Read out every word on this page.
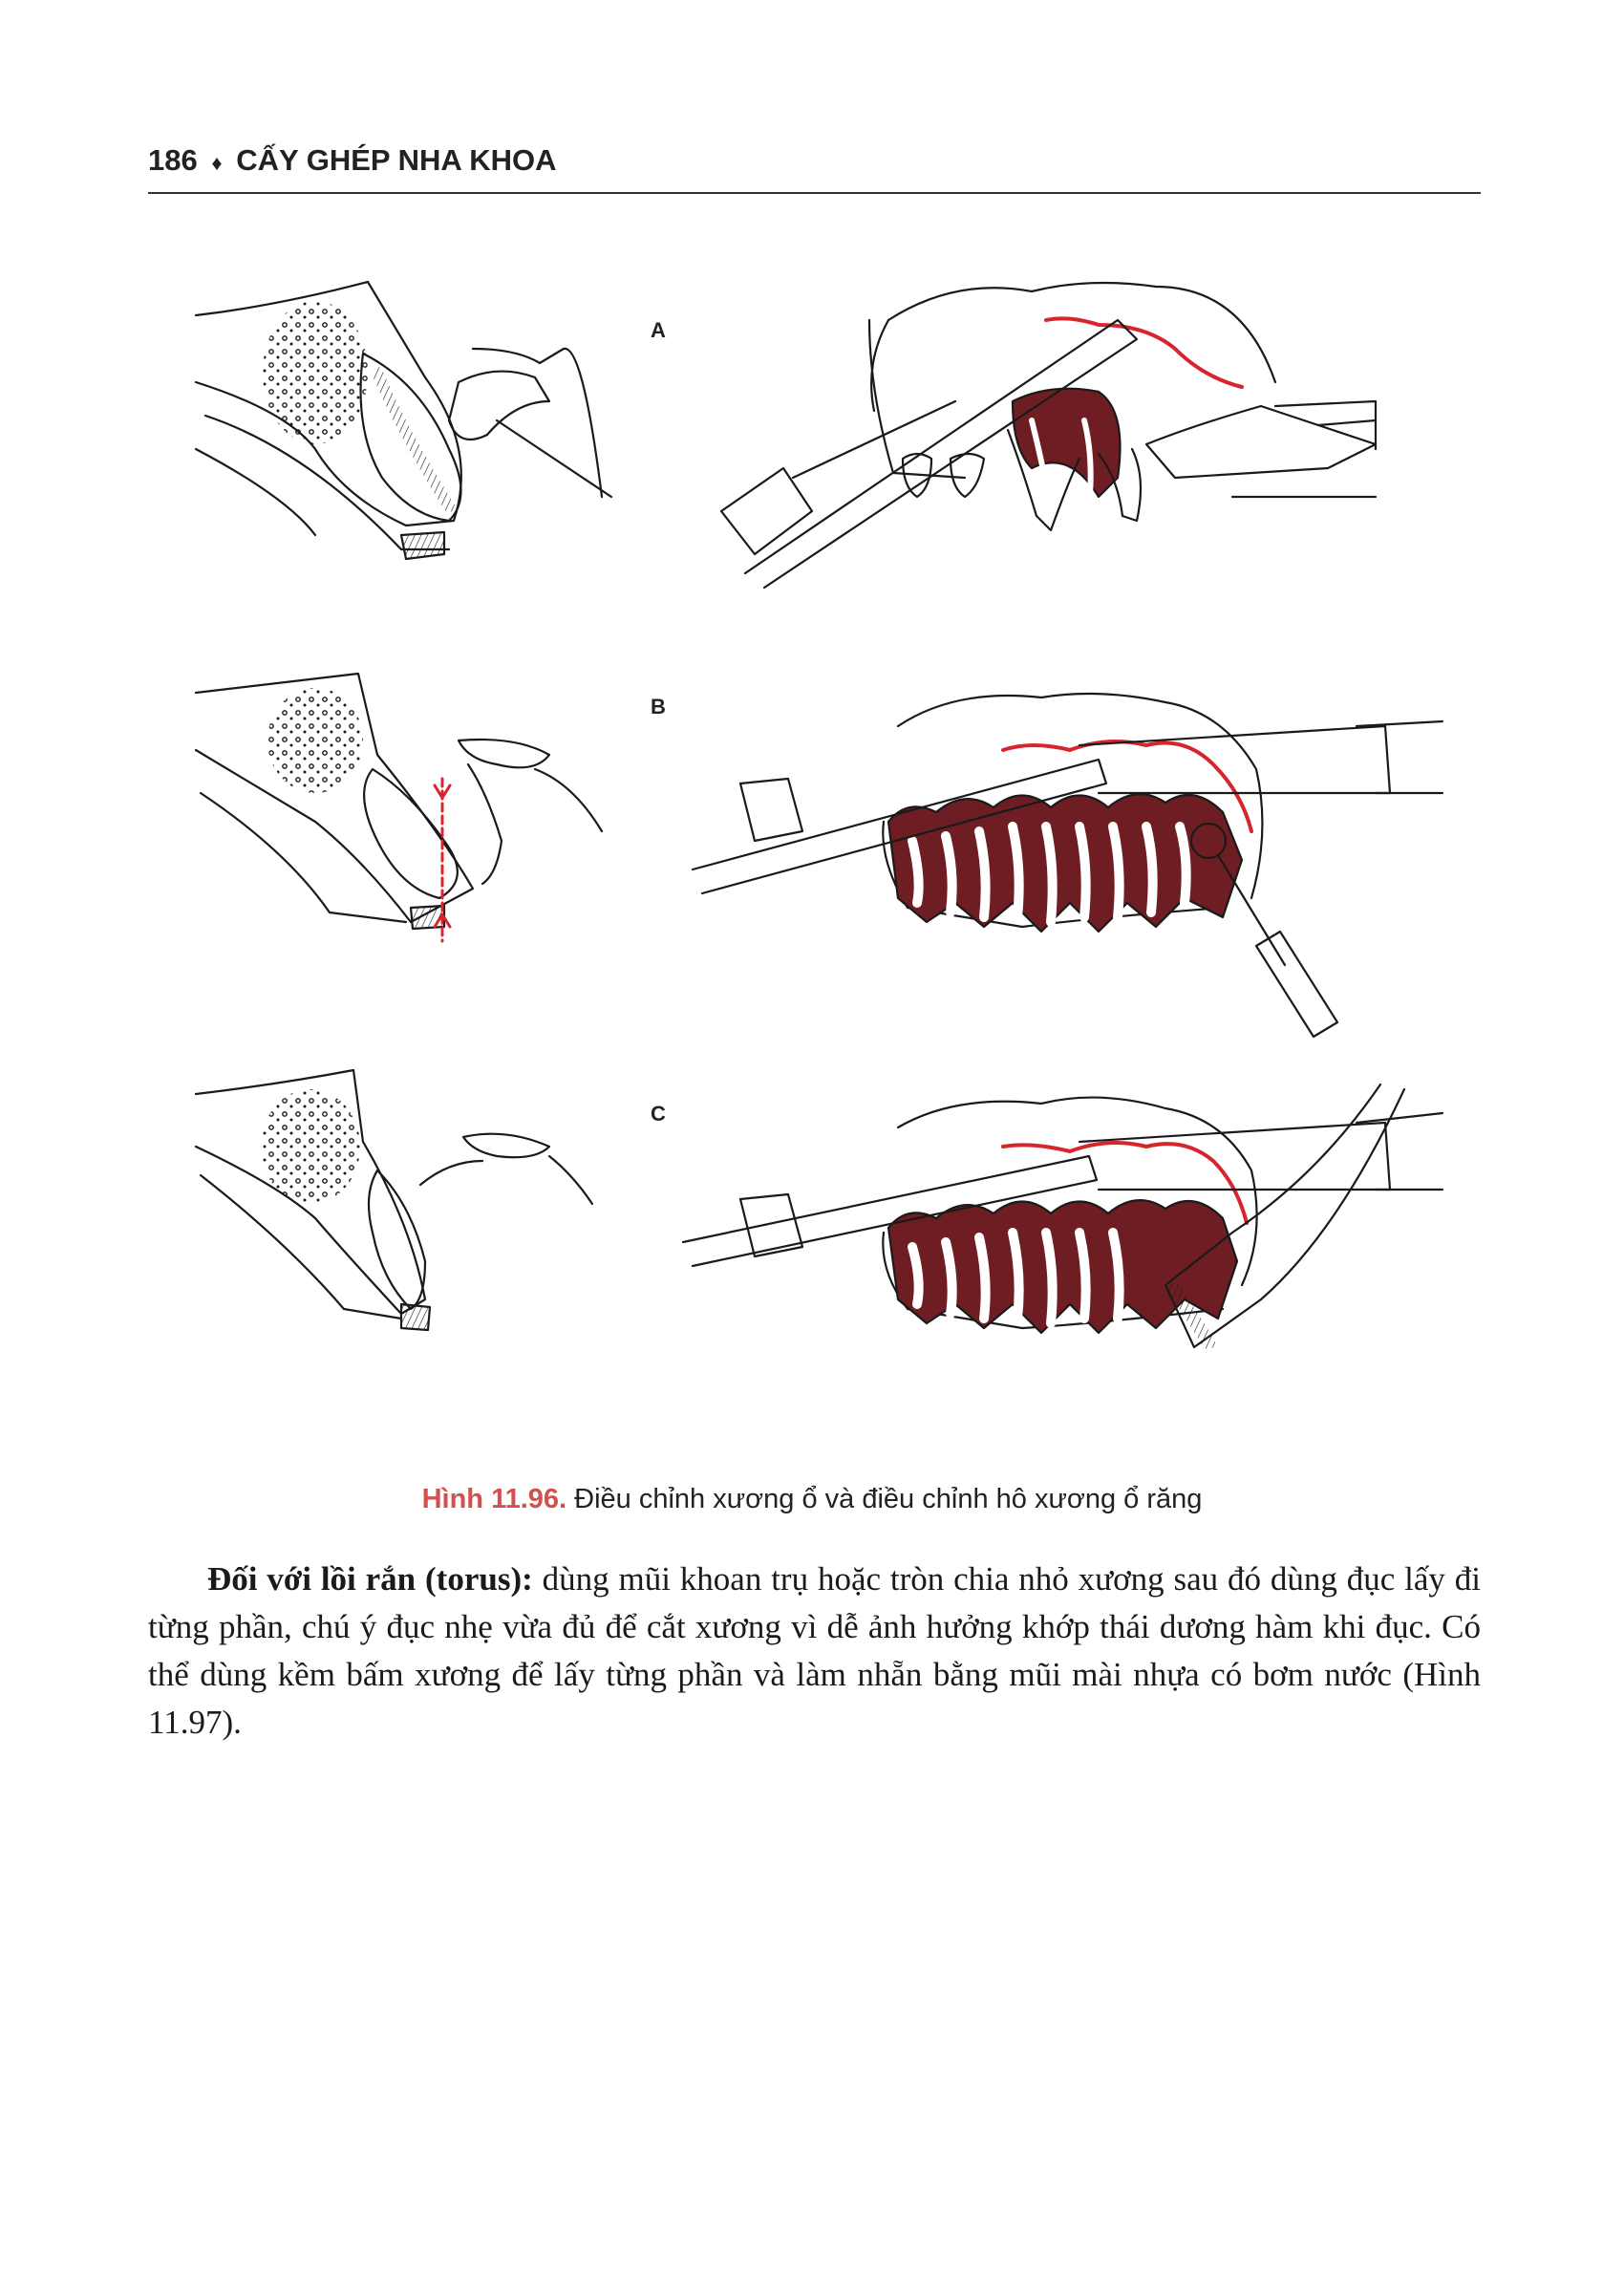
186 ♦ CẤY GHÉP NHA KHOA
A
B
C
Hình 11.96. Điều chỉnh xương ổ và điều chỉnh hô xương ổ răng
Đối với lồi rắn (torus): dùng mũi khoan trụ hoặc tròn chia nhỏ xương sau đó dùng đục lấy đi từng phần, chú ý đục nhẹ vừa đủ để cắt xương vì dễ ảnh hưởng khớp thái dương hàm khi đục. Có thể dùng kềm bấm xương để lấy từng phần và làm nhẵn bằng mũi mài nhựa có bơm nước (Hình 11.97).
